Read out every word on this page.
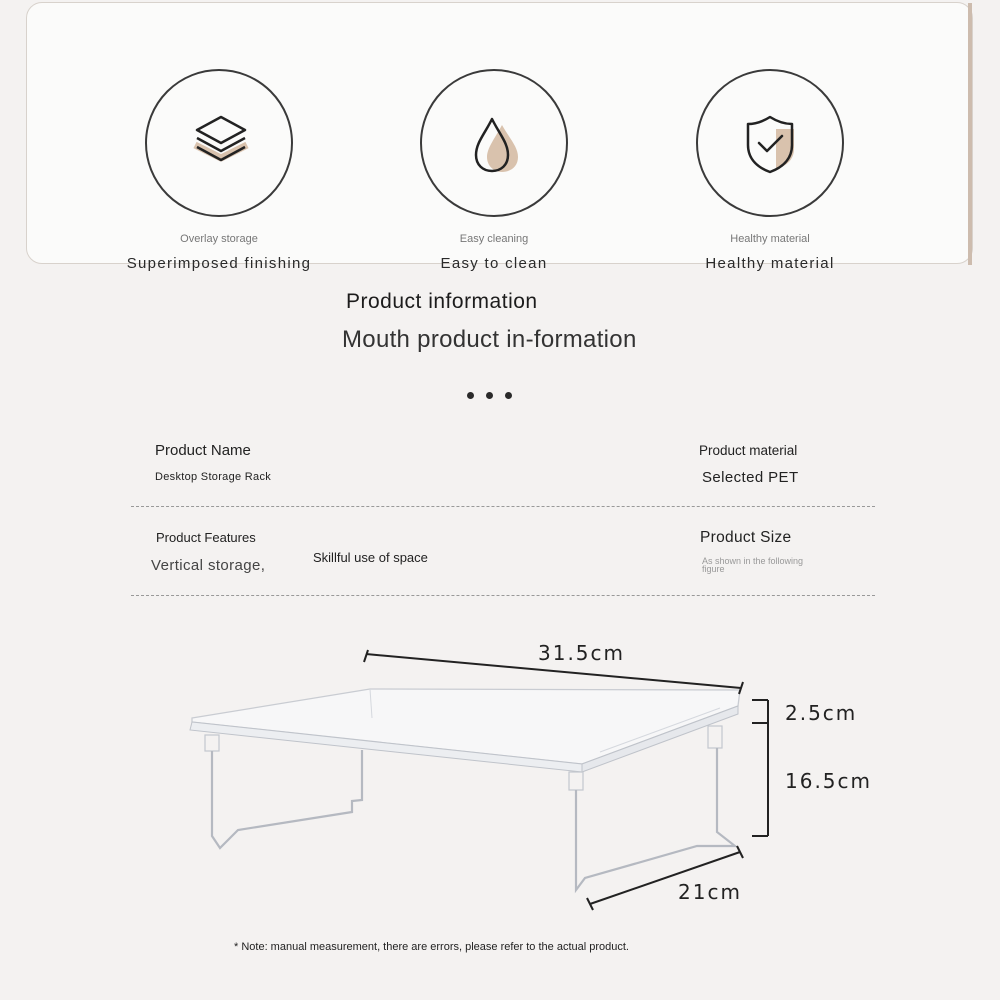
Overlay storage
Superimposed finishing
Easy cleaning
Easy to clean
Healthy material
Healthy material
Product information
Mouth product in-formation
Product Name
Desktop Storage Rack
Product material
Selected PET
Product Features
Vertical storage,	Skillful use of space
Product Size
As shown in the following figure
31.5cm
2.5cm
16.5cm
21cm
* Note: manual measurement, there are errors, please refer to the actual product.
